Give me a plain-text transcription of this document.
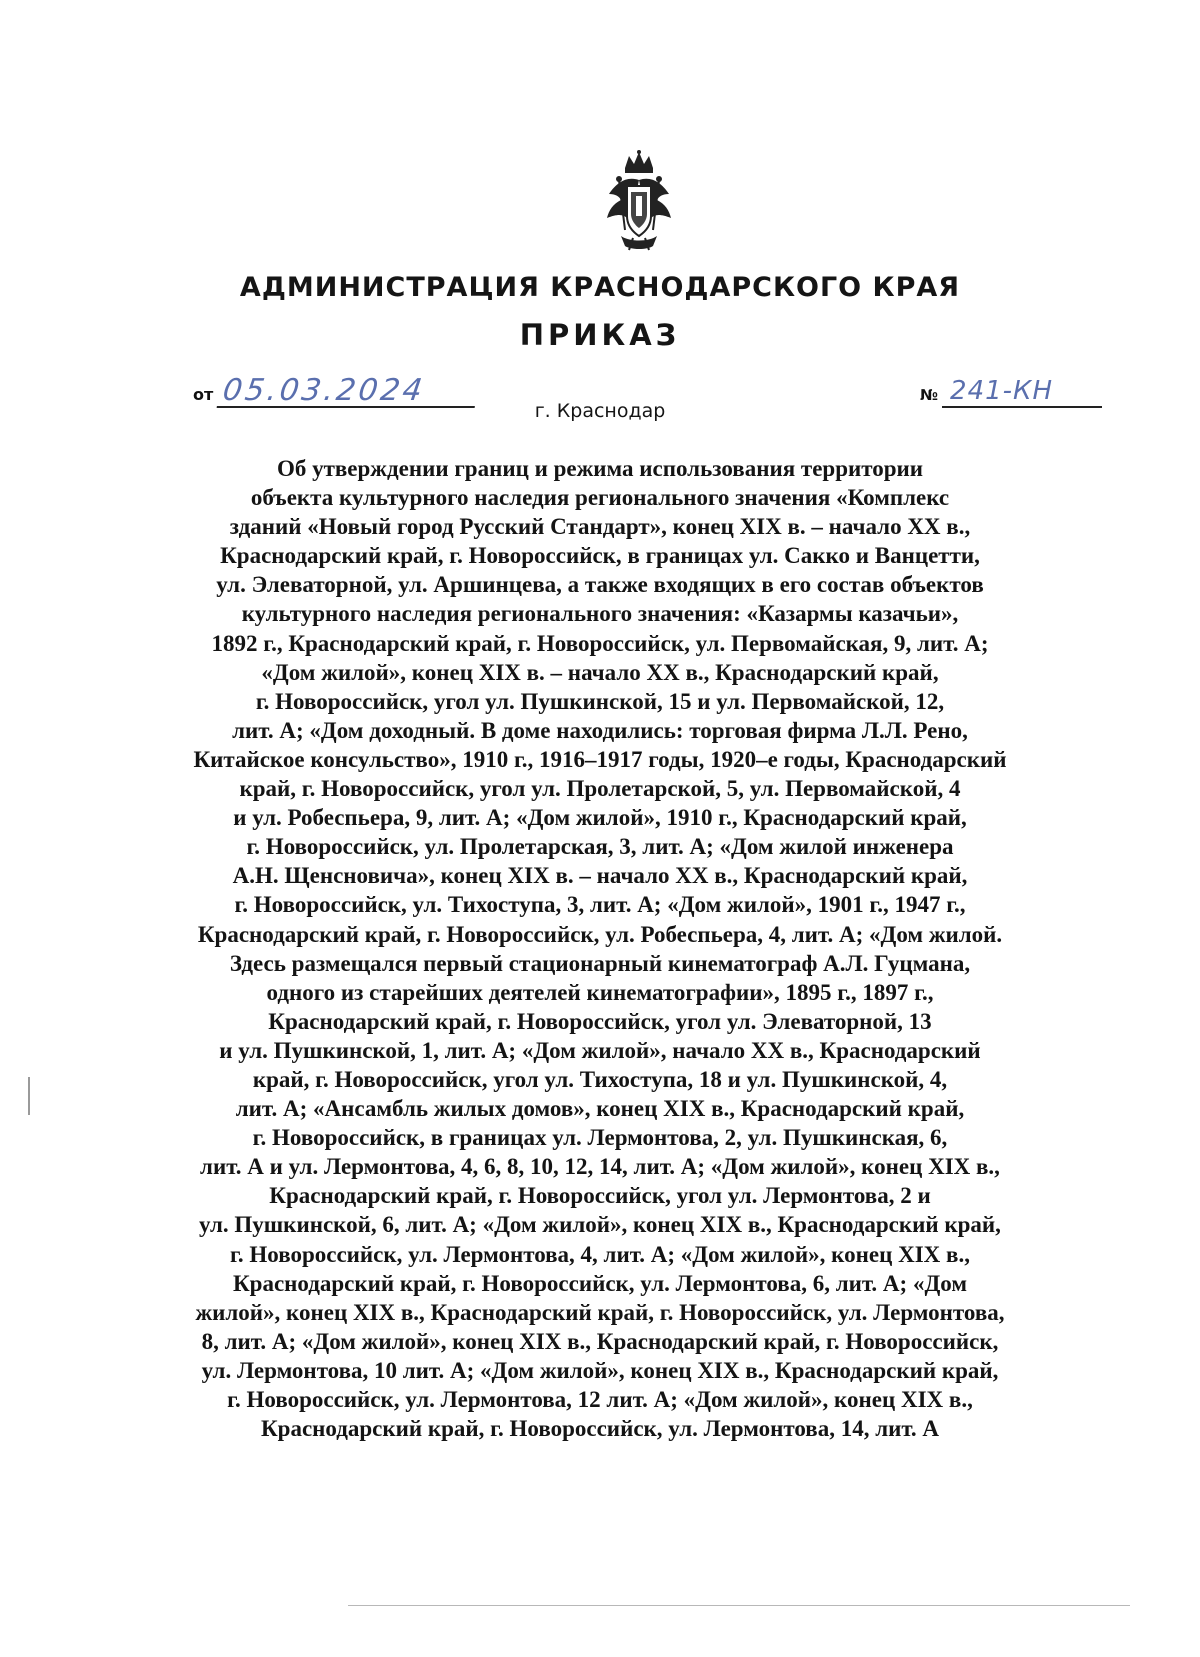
АДМИНИСТРАЦИЯ КРАСНОДАРСКОГО КРАЯ
ПРИКАЗ
от 05.03.2024	№ 241-КН
г. Краснодар
Об утверждении границ и режима использования территории
объекта культурного наследия регионального значения «Комплекс
зданий «Новый город Русский Стандарт», конец XIX в. – начало XX в.,
Краснодарский край, г. Новороссийск, в границах ул. Сакко и Ванцетти,
ул. Элеваторной, ул. Аршинцева, а также входящих в его состав объектов
культурного наследия регионального значения: «Казармы казачьи»,
1892 г., Краснодарский край, г. Новороссийск, ул. Первомайская, 9, лит. А;
«Дом жилой», конец XIX в. – начало XX в., Краснодарский край,
г. Новороссийск, угол ул. Пушкинской, 15 и ул. Первомайской, 12,
лит. А; «Дом доходный. В доме находились: торговая фирма Л.Л. Рено,
Китайское консульство», 1910 г., 1916–1917 годы, 1920–е годы, Краснодарский
край, г. Новороссийск, угол ул. Пролетарской, 5, ул. Первомайской, 4
и ул. Робеспьера, 9, лит. А; «Дом жилой», 1910 г., Краснодарский край,
г. Новороссийск, ул. Пролетарская, 3, лит. А; «Дом жилой инженера
А.Н. Щенсновича», конец XIX в. – начало XX в., Краснодарский край,
г. Новороссийск, ул. Тихоступа, 3, лит. А; «Дом жилой», 1901 г., 1947 г.,
Краснодарский край, г. Новороссийск, ул. Робеспьера, 4, лит. А; «Дом жилой.
Здесь размещался первый стационарный кинематограф А.Л. Гуцмана,
одного из старейших деятелей кинематографии», 1895 г., 1897 г.,
Краснодарский край, г. Новороссийск, угол ул. Элеваторной, 13
и ул. Пушкинской, 1, лит. А; «Дом жилой», начало XX в., Краснодарский
край, г. Новороссийск, угол ул. Тихоступа, 18 и ул. Пушкинской, 4,
лит. А; «Ансамбль жилых домов», конец XIX в., Краснодарский край,
г. Новороссийск, в границах ул. Лермонтова, 2, ул. Пушкинская, 6,
лит. А и ул. Лермонтова, 4, 6, 8, 10, 12, 14, лит. А; «Дом жилой», конец XIX в.,
Краснодарский край, г. Новороссийск, угол ул. Лермонтова, 2 и
ул. Пушкинской, 6, лит. А; «Дом жилой», конец XIX в., Краснодарский край,
г. Новороссийск, ул. Лермонтова, 4, лит. А; «Дом жилой», конец XIX в.,
Краснодарский край, г. Новороссийск, ул. Лермонтова, 6, лит. А; «Дом
жилой», конец XIX в., Краснодарский край, г. Новороссийск, ул. Лермонтова,
8, лит. А; «Дом жилой», конец XIX в., Краснодарский край, г. Новороссийск,
ул. Лермонтова, 10 лит. А; «Дом жилой», конец XIX в., Краснодарский край,
г. Новороссийск, ул. Лермонтова, 12 лит. А; «Дом жилой», конец XIX в.,
Краснодарский край, г. Новороссийск, ул. Лермонтова, 14, лит. А
